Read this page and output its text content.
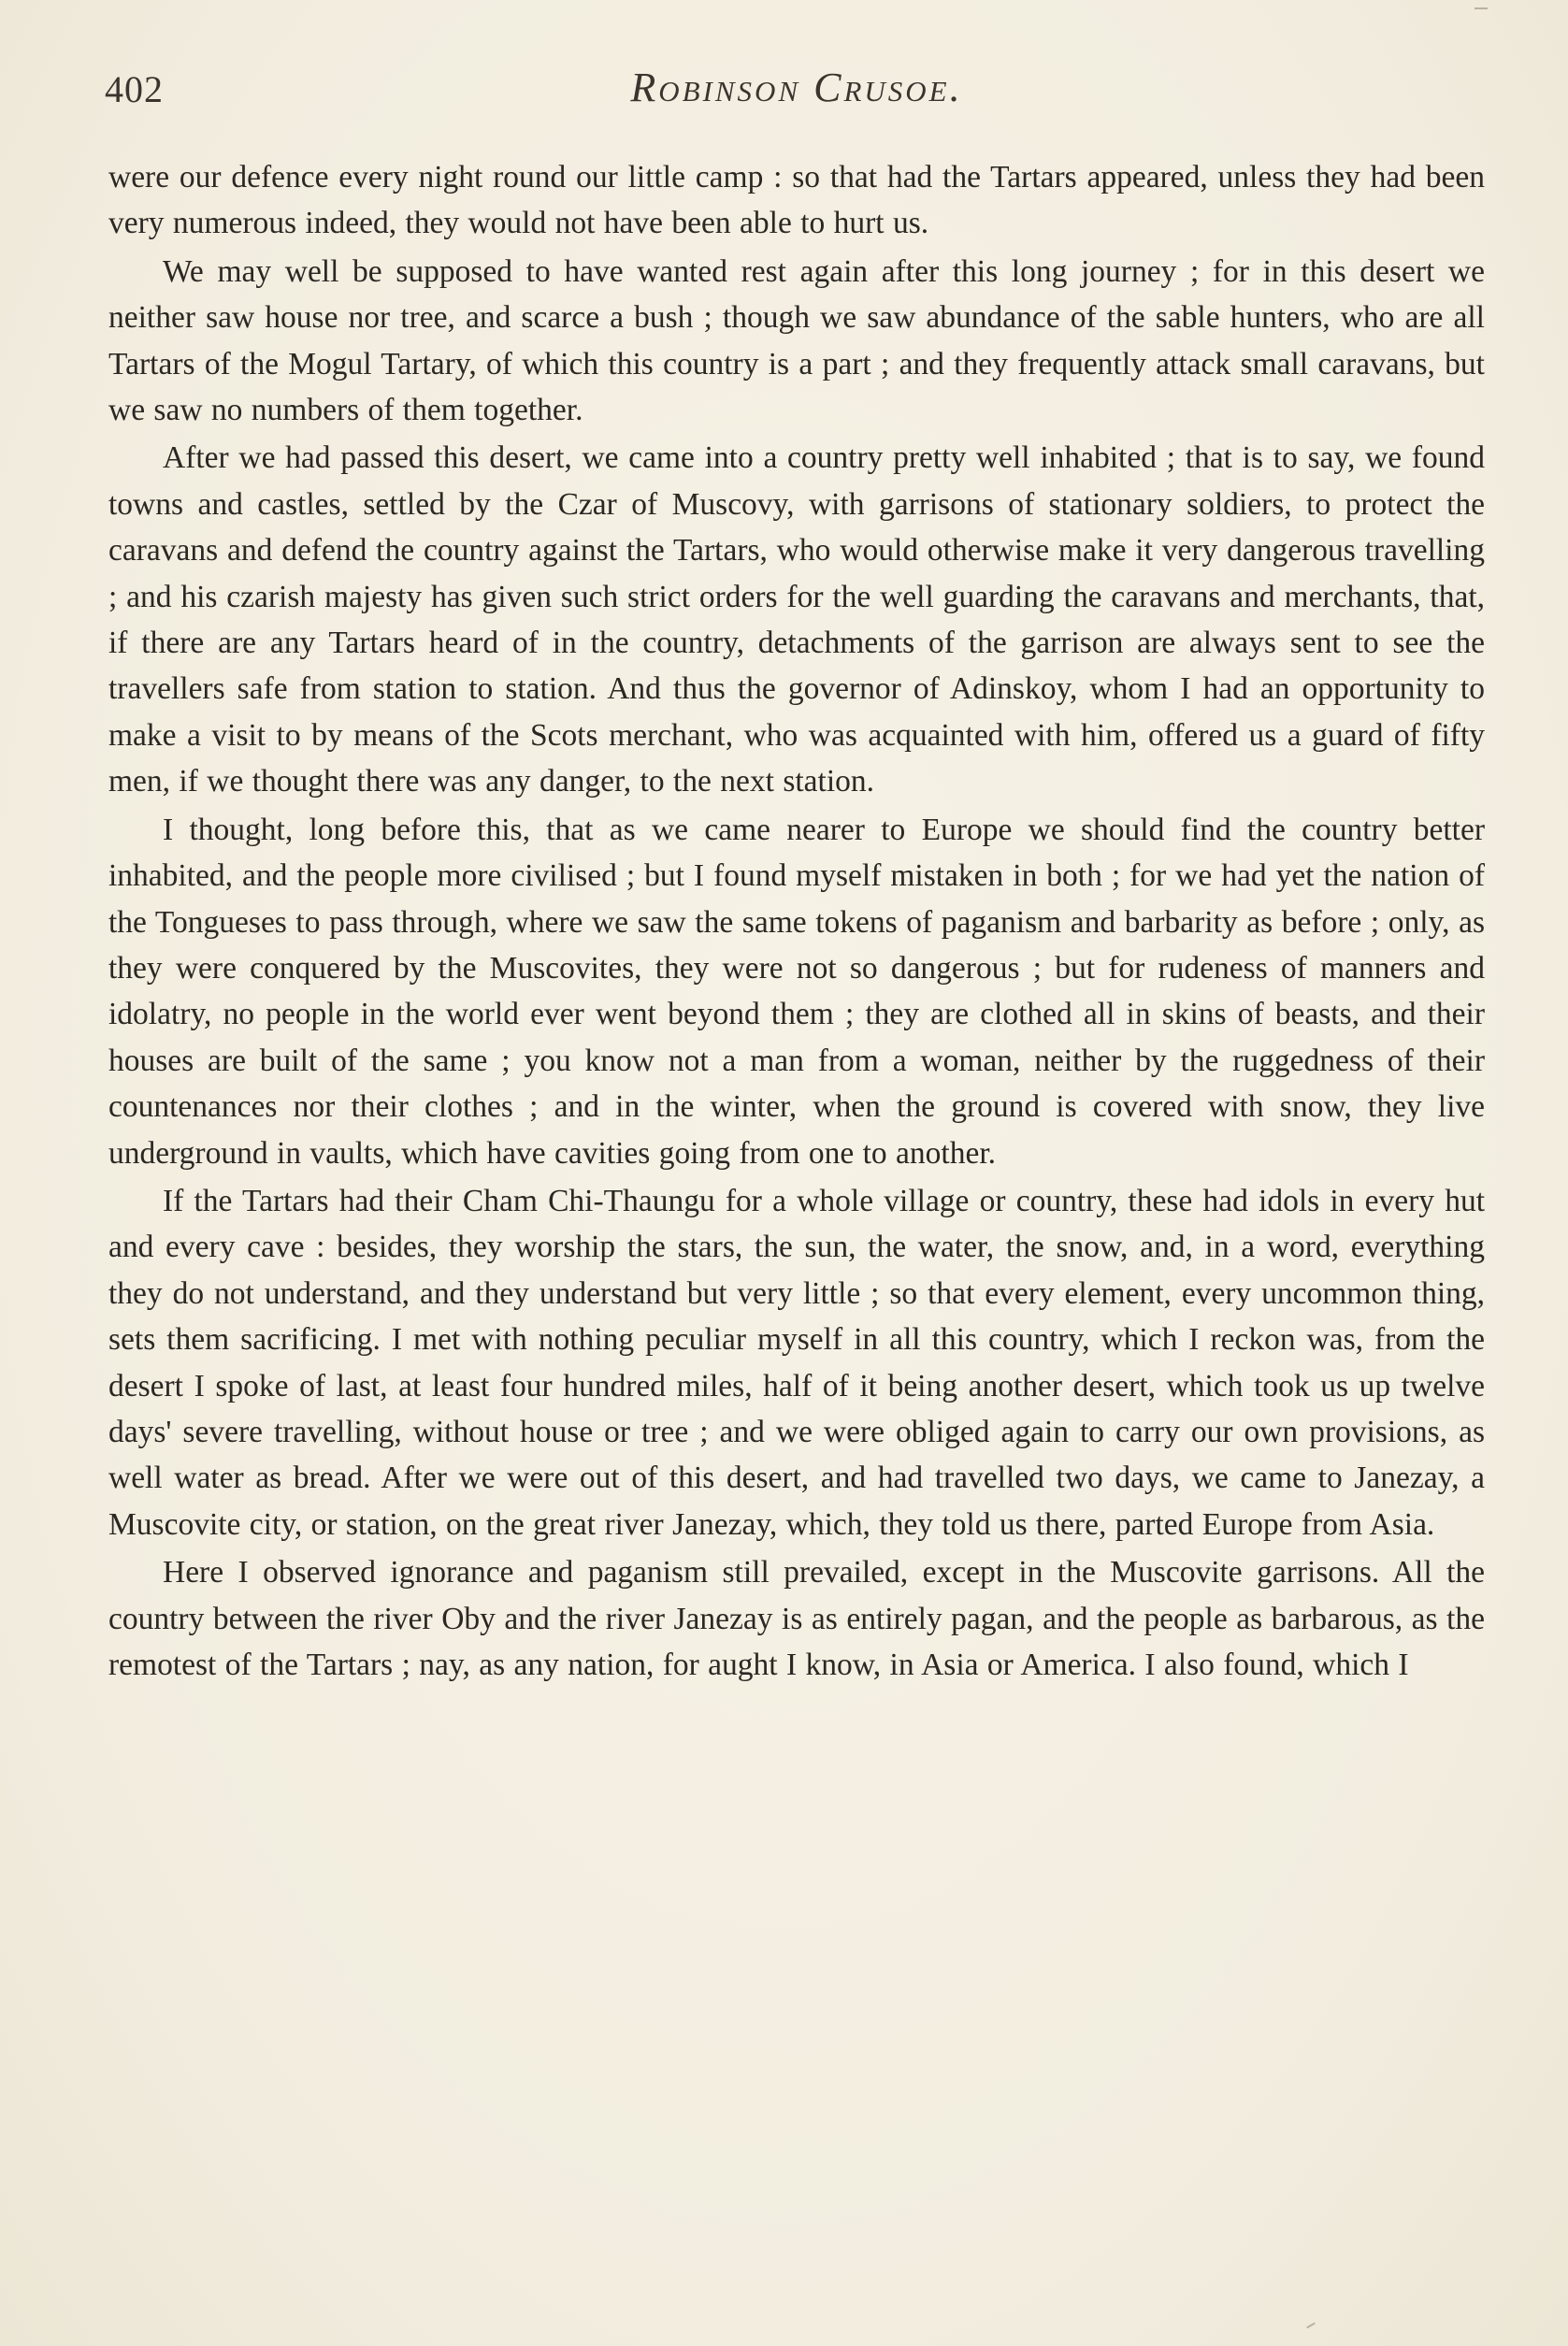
402	Robinson Crusoe.

were our defence every night round our little camp : so that had the Tartars appeared, unless they had been very numerous indeed, they would not have been able to hurt us.

We may well be supposed to have wanted rest again after this long journey ; for in this desert we neither saw house nor tree, and scarce a bush ; though we saw abundance of the sable hunters, who are all Tartars of the Mogul Tartary, of which this country is a part ; and they frequently attack small caravans, but we saw no numbers of them together.

After we had passed this desert, we came into a country pretty well inhabited ; that is to say, we found towns and castles, settled by the Czar of Muscovy, with garrisons of stationary soldiers, to protect the caravans and defend the country against the Tartars, who would otherwise make it very dangerous travelling ; and his czarish majesty has given such strict orders for the well guarding the caravans and merchants, that, if there are any Tartars heard of in the country, detachments of the garrison are always sent to see the travellers safe from station to station. And thus the governor of Adinskoy, whom I had an opportunity to make a visit to by means of the Scots merchant, who was acquainted with him, offered us a guard of fifty men, if we thought there was any danger, to the next station.

I thought, long before this, that as we came nearer to Europe we should find the country better inhabited, and the people more civilised ; but I found myself mistaken in both ; for we had yet the nation of the Tongueses to pass through, where we saw the same tokens of paganism and barbarity as before ; only, as they were conquered by the Muscovites, they were not so dangerous ; but for rudeness of manners and idolatry, no people in the world ever went beyond them ; they are clothed all in skins of beasts, and their houses are built of the same ; you know not a man from a woman, neither by the ruggedness of their countenances nor their clothes ; and in the winter, when the ground is covered with snow, they live underground in vaults, which have cavities going from one to another.

If the Tartars had their Cham Chi-Thaungu for a whole village or country, these had idols in every hut and every cave : besides, they worship the stars, the sun, the water, the snow, and, in a word, everything they do not understand, and they understand but very little ; so that every element, every uncommon thing, sets them sacrificing. I met with nothing peculiar myself in all this country, which I reckon was, from the desert I spoke of last, at least four hundred miles, half of it being another desert, which took us up twelve days' severe travelling, without house or tree ; and we were obliged again to carry our own provisions, as well water as bread. After we were out of this desert, and had travelled two days, we came to Janezay, a Muscovite city, or station, on the great river Janezay, which, they told us there, parted Europe from Asia.

Here I observed ignorance and paganism still prevailed, except in the Muscovite garrisons. All the country between the river Oby and the river Janezay is as entirely pagan, and the people as barbarous, as the remotest of the Tartars ; nay, as any nation, for aught I know, in Asia or America. I also found, which I
